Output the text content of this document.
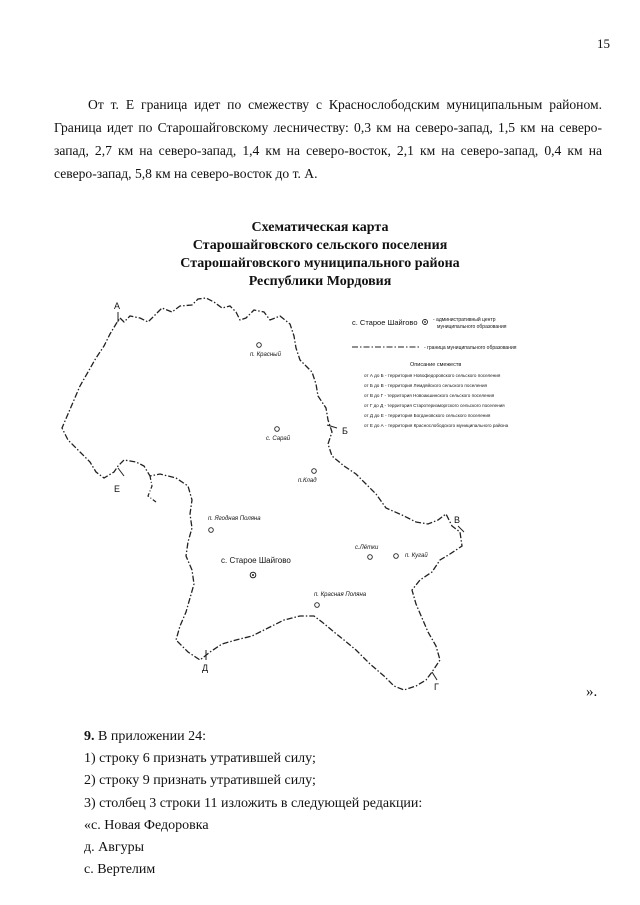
15

От т. Е граница идет по смежеству с Краснослободским муниципальным районом. Граница идет по Старошайговскому лесничеству: 0,3 км на северо-запад, 1,5 км на северо-запад, 2,7 км на северо-запад, 1,4 км на северо-восток, 2,1 км на северо-запад, 0,4 км на северо-запад, 5,8 км на северо-восток до т. А.

Схематическая карта
Старошайговского сельского поселения
Старошайговского муниципального района
Республики Мордовия
А
Б
В
Г
Д
Е
п. Красный
с. Сарай
п.Клад
п. Ягодная Поляна
с.Лётки
п. Кугай
с. Старое Шайгово
п. Красная Поляна
с. Старое Шайгово	- административный центр
муниципального образования
- граница муниципального образования
Описание смежеств
от А до Б - территория Новофедоровского сельского поселения
от Б до В - территория Лемдяйского сельского поселения
от В до Г - территория Новоакшинского сельского поселения
от Г до Д - территория Старотеризморгского сельского поселения
от Д до Е - территория Богдановского сельского поселения
от Е до А - территория Краснослободского муниципального района
».
9. В приложении 24:
1) строку 6 признать утратившей силу;
2) строку 9 признать утратившей силу;
3) столбец 3 строки 11 изложить в следующей редакции:
«с. Новая Федоровка
д. Авгуры
с. Вертелим
